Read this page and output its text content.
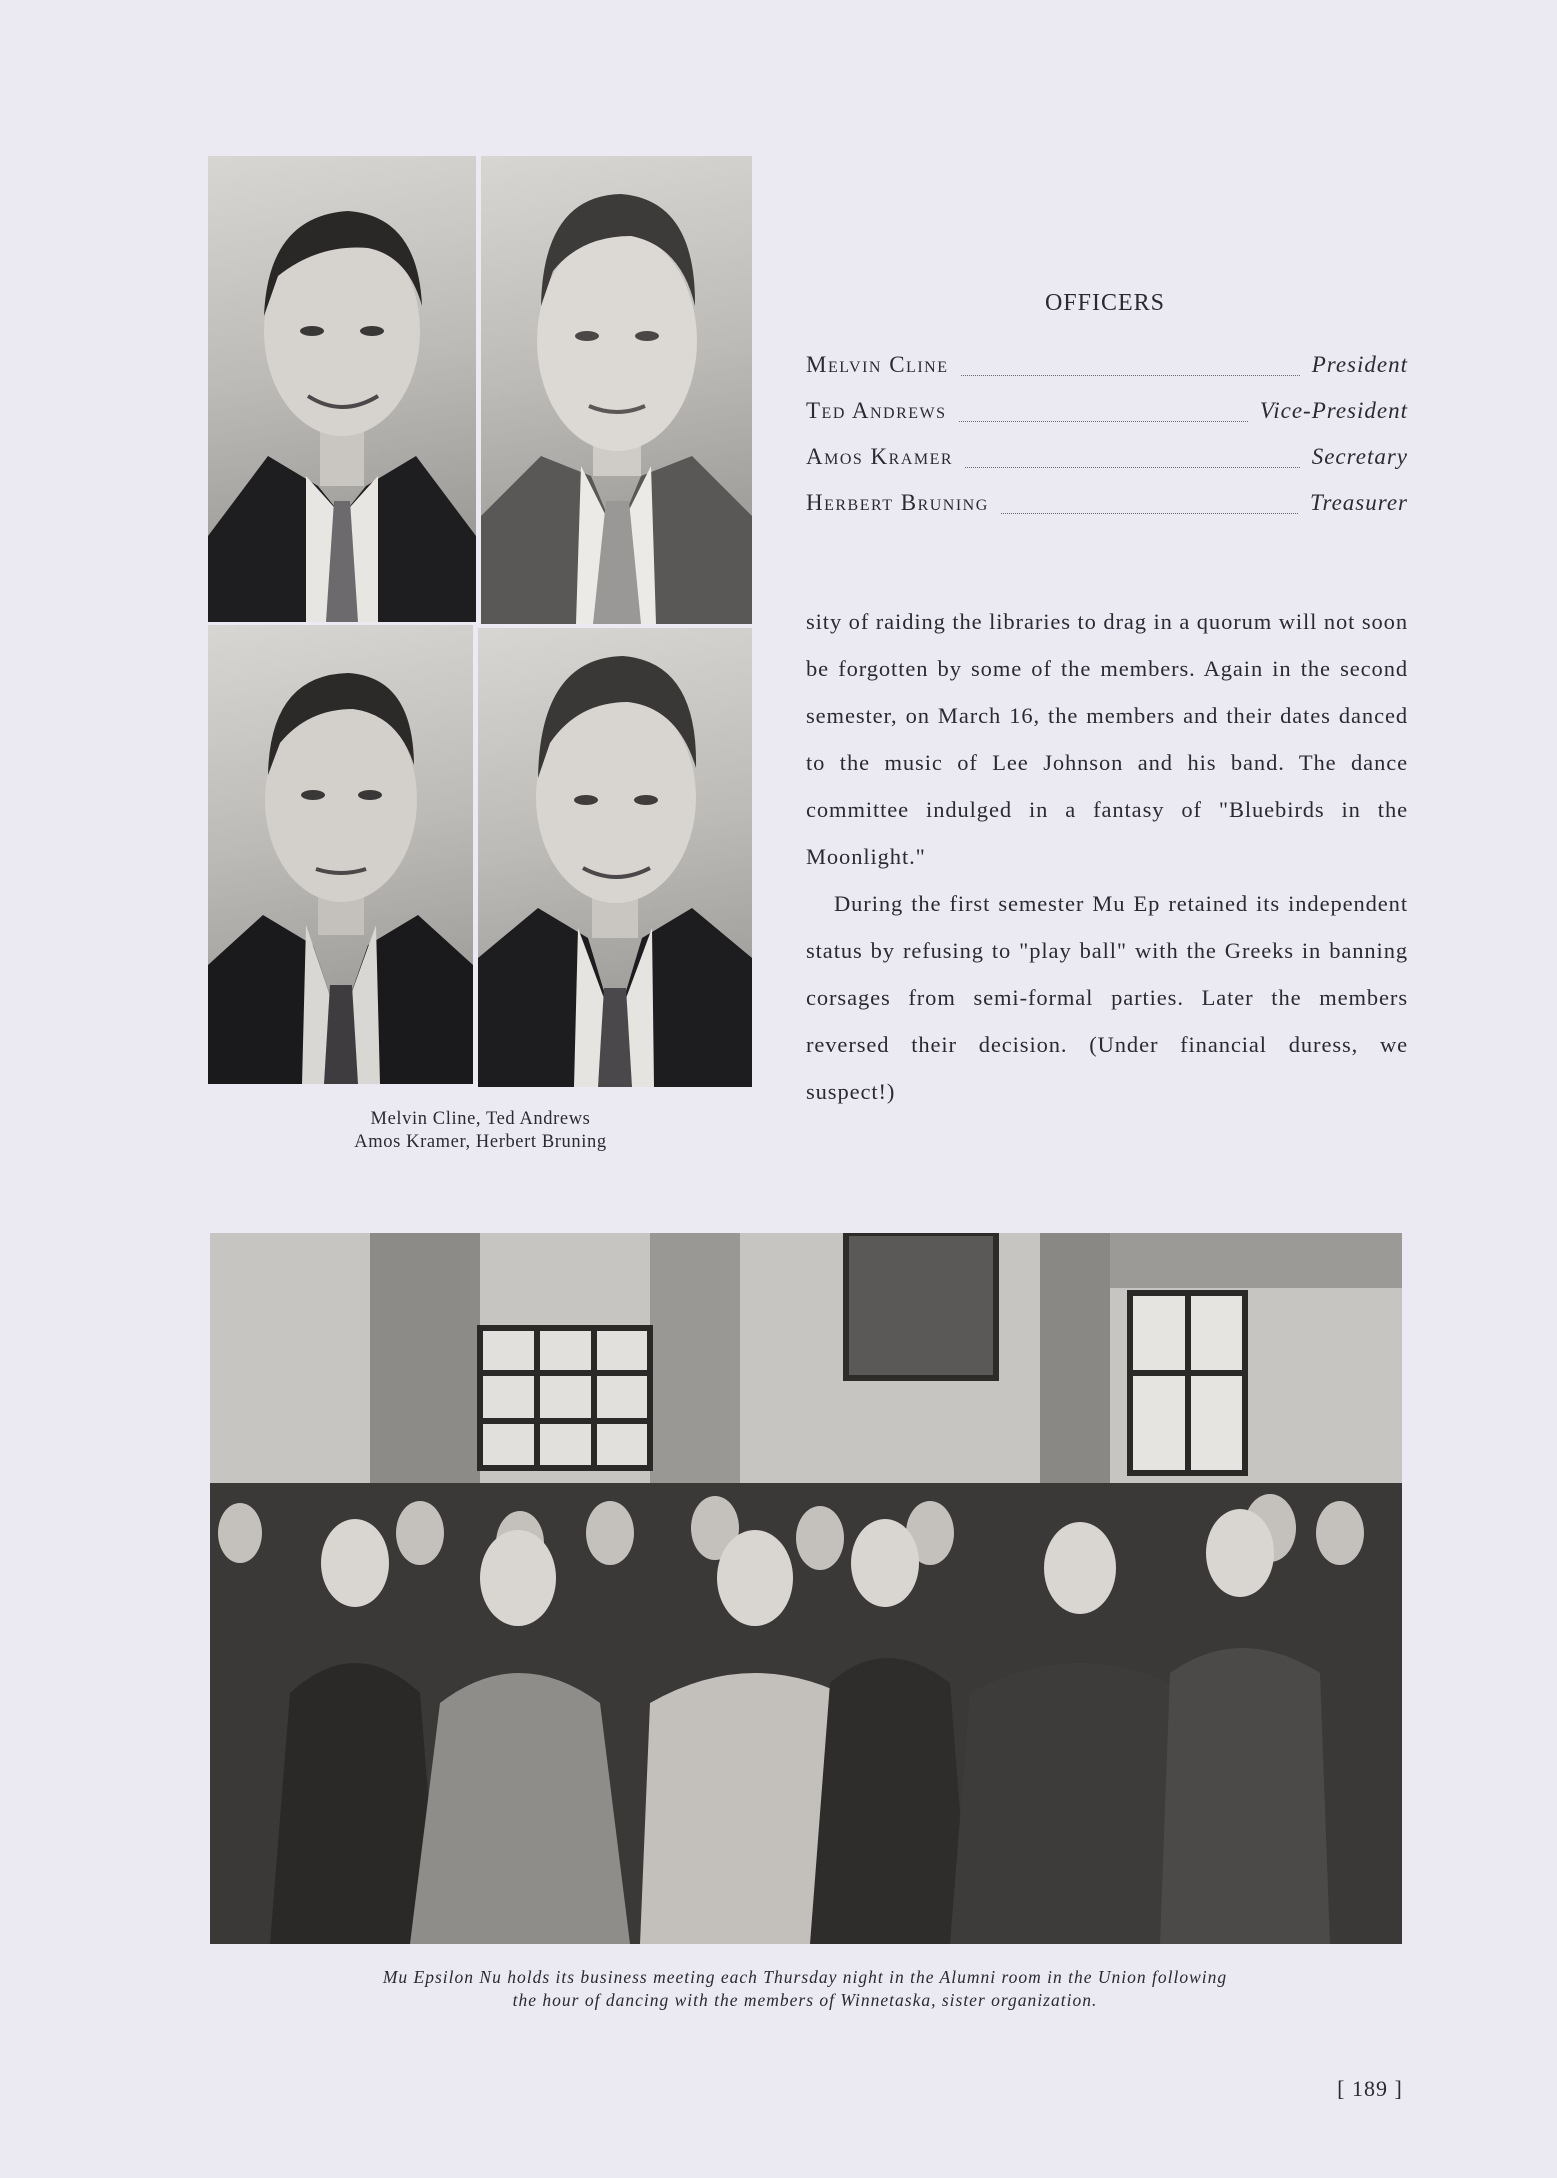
OFFICERS
Melvin Cline	President
Ted Andrews	Vice-President
Amos Kramer	Secretary
Herbert Bruning	Treasurer

sity of raiding the libraries to drag in a quorum will not soon be forgotten by some of the members. Again in the second semester, on March 16, the members and their dates danced to the music of Lee Johnson and his band. The dance committee indulged in a fantasy of "Bluebirds in the Moonlight."

During the first semester Mu Ep retained its independent status by refusing to "play ball" with the Greeks in banning corsages from semi-formal parties. Later the members reversed their decision. (Under financial duress, we suspect!)

Melvin Cline, Ted Andrews
Amos Kramer, Herbert Bruning
Mu Epsilon Nu holds its business meeting each Thursday night in the Alumni room in the Union following
the hour of dancing with the members of Winnetaska, sister organization.
[ 189 ]
